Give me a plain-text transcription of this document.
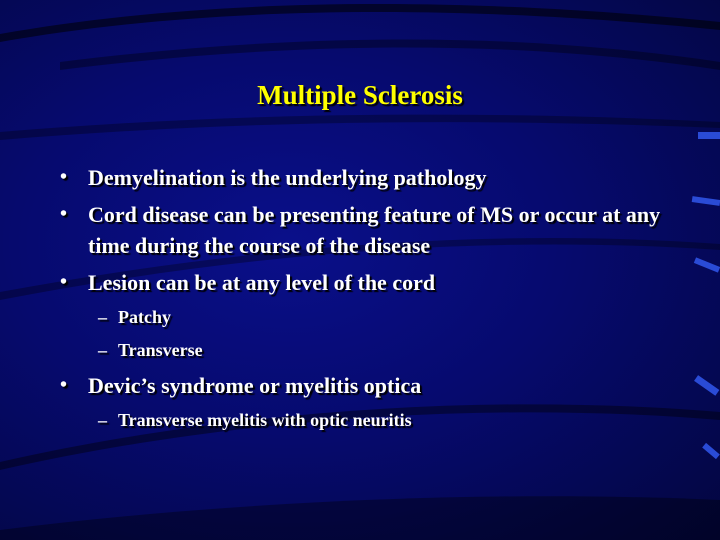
Multiple Sclerosis
• Demyelination is the underlying pathology
• Cord disease can be presenting feature of MS or occur at any time during the course of the disease
• Lesion can be at any level of the cord
– Patchy
– Transverse
• Devic’s syndrome or myelitis optica
– Transverse myelitis with optic neuritis
